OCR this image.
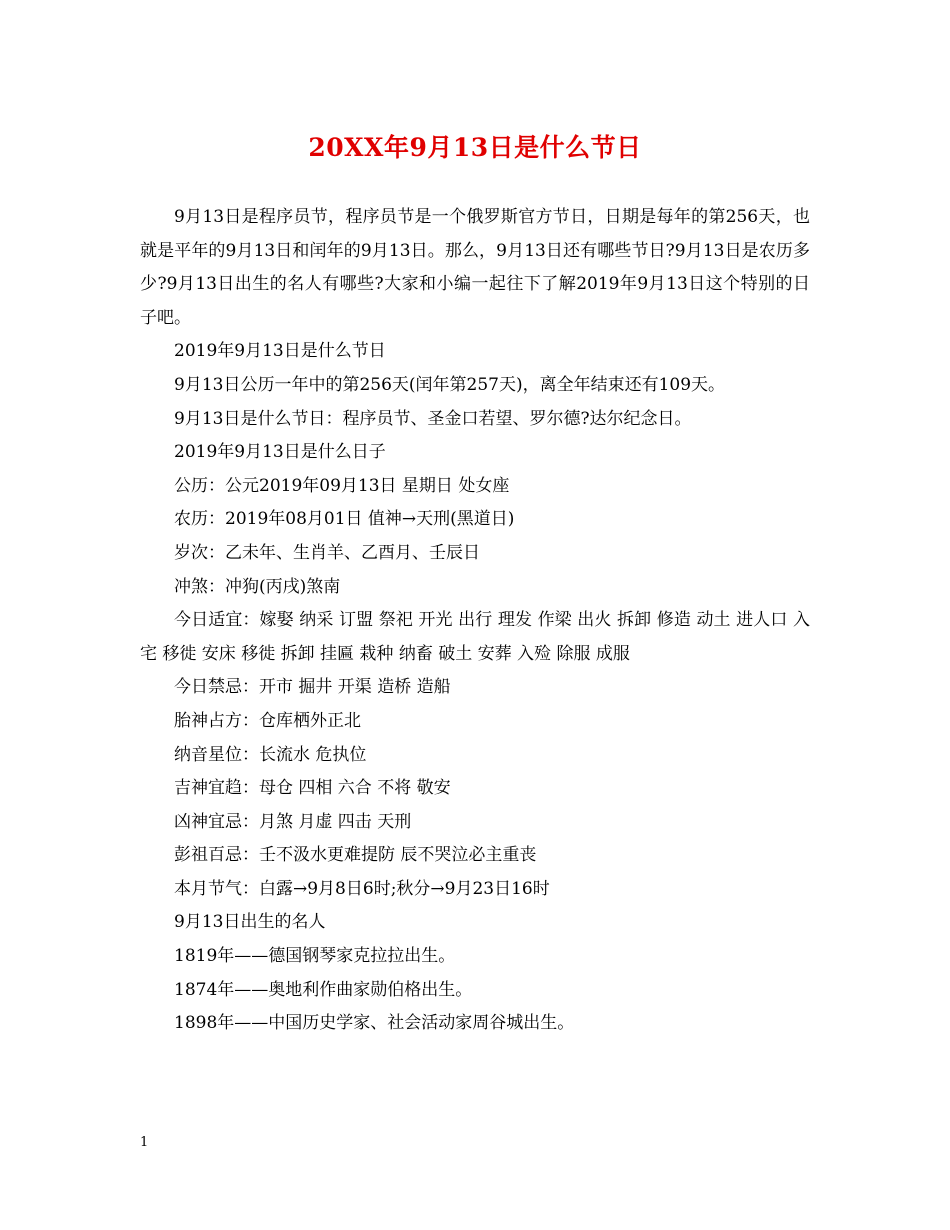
20XX年9月13日是什么节日

9月13日是程序员节，程序员节是一个俄罗斯官方节日，日期是每年的第256天，也就是平年的9月13日和闰年的9月13日。那么，9月13日还有哪些节日?9月13日是农历多少?9月13日出生的名人有哪些?大家和小编一起往下了解2019年9月13日这个特别的日子吧。

2019年9月13日是什么节日

9月13日公历一年中的第256天(闰年第257天)，离全年结束还有109天。

9月13日是什么节日：程序员节、圣金口若望、罗尔德?达尔纪念日。

2019年9月13日是什么日子

公历：公元2019年09月13日 星期日 处女座

农历：2019年08月01日 值神→天刑(黑道日)

岁次：乙未年、生肖羊、乙酉月、壬辰日

冲煞：冲狗(丙戌)煞南

今日适宜：嫁娶 纳采 订盟 祭祀 开光 出行 理发 作梁 出火 拆卸 修造 动土 进人口 入宅 移徙 安床 移徙 拆卸 挂匾 栽种 纳畜 破土 安葬 入殓 除服 成服

今日禁忌：开市 掘井 开渠 造桥 造船

胎神占方：仓库栖外正北

纳音星位：长流水 危执位

吉神宜趋：母仓 四相 六合 不将 敬安

凶神宜忌：月煞 月虚 四击 天刑

彭祖百忌：壬不汲水更难提防 辰不哭泣必主重丧

本月节气：白露→9月8日6时;秋分→9月23日16时

9月13日出生的名人

1819年——德国钢琴家克拉拉出生。

1874年——奥地利作曲家勋伯格出生。

1898年——中国历史学家、社会活动家周谷城出生。

1
